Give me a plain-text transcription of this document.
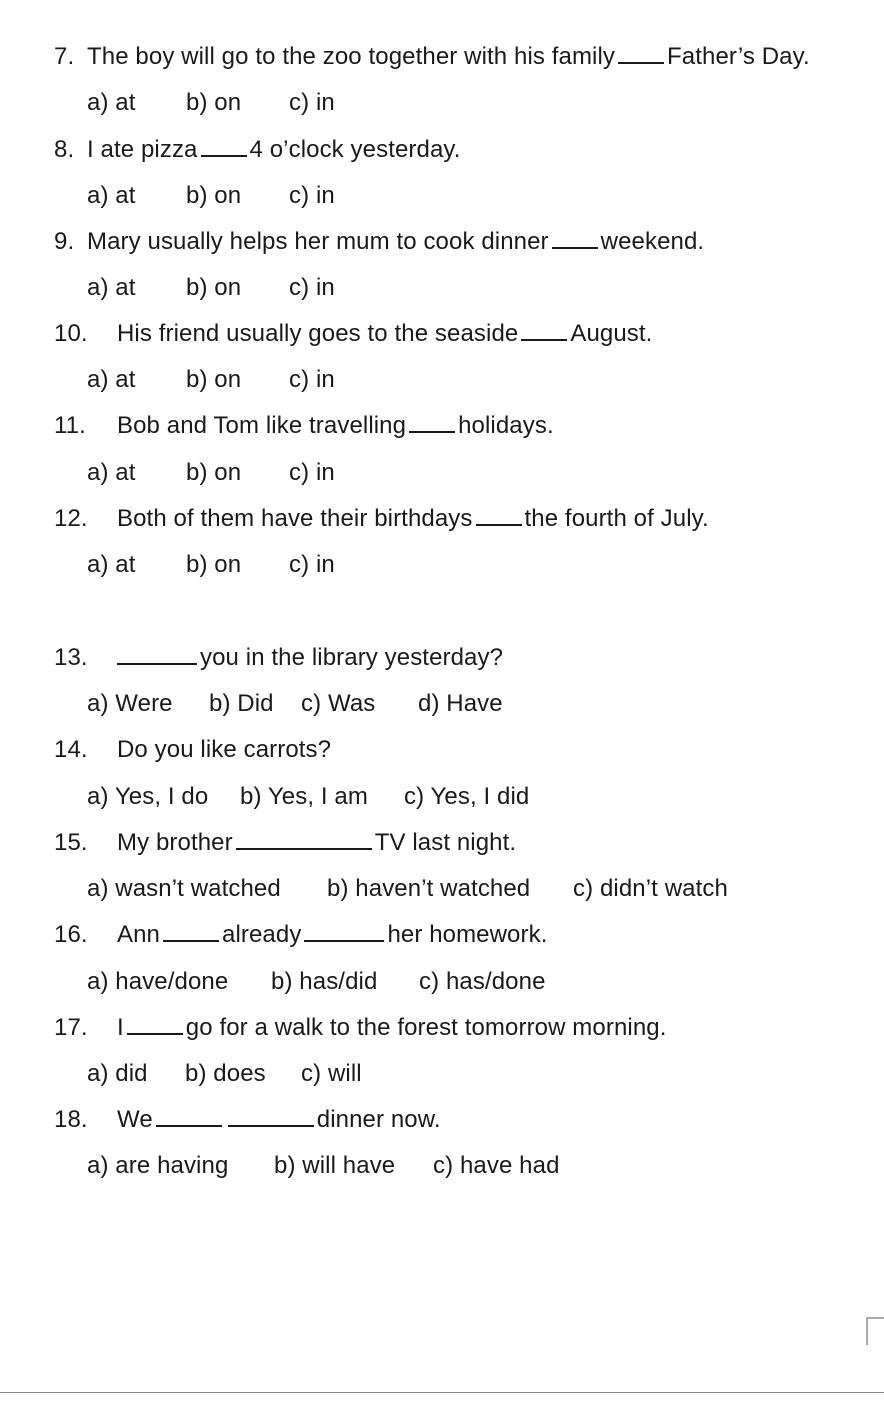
7. The boy will go to the zoo together with his family Father’s Day.
a) at b) on c) in
8. I ate pizza 4 o’clock yesterday.
a) at b) on c) in
9. Mary usually helps her mum to cook dinner weekend.
a) at b) on c) in
10. His friend usually goes to the seaside August.
a) at b) on c) in
11. Bob and Tom like travelling holidays.
a) at b) on c) in
12. Both of them have their birthdays the fourth of July.
a) at b) on c) in
13.	you in the library yesterday?
a) Were b) Did c) Was d) Have
14. Do you like carrots?
a) Yes, I do b) Yes, I am c) Yes, I did
15. My brother	TV last night.
a) wasn’t watched b) haven’t watched c) didn’t watch
16. Ann	already	her homework.
a) have/done b) has/did c) has/done
17. I	go for a walk to the forest tomorrow morning.
a) did b) does c) will
18. We	dinner now.
a) are having b) will have c) have had
